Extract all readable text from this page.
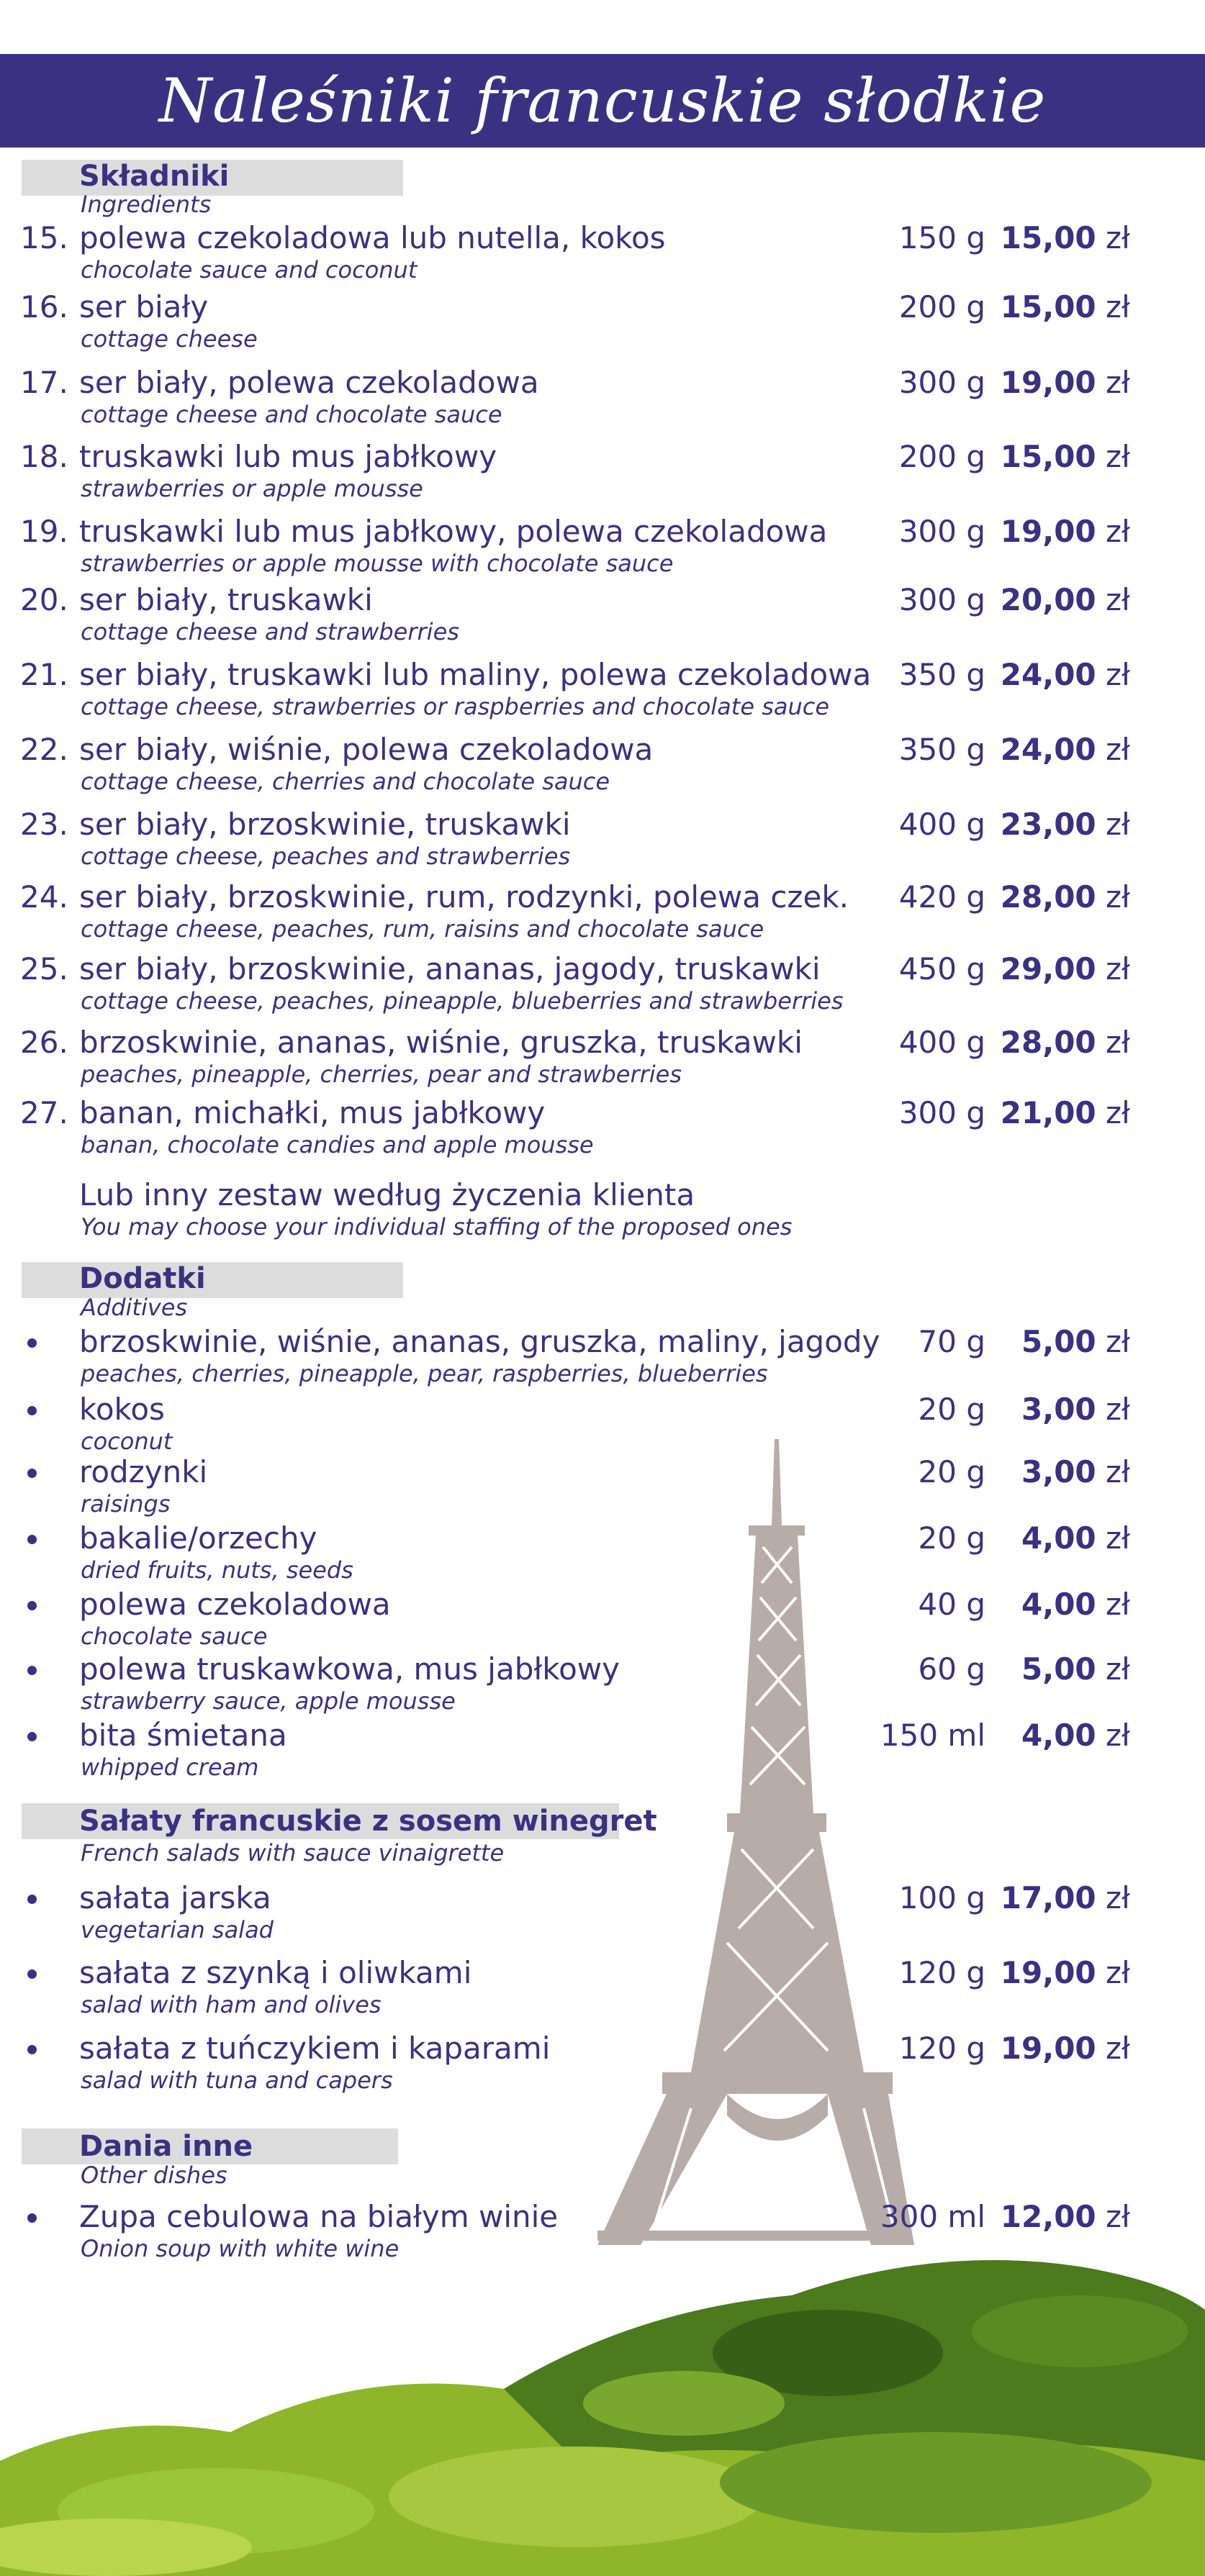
Naleśniki francuskie słodkie
Składniki
Ingredients
15. polewa czekoladowa lub nutella, kokos
chocolate sauce and coconut
150 g 15,00 zł
16. ser biały
cottage cheese
200 g 15,00 zł
17. ser biały, polewa czekoladowa
cottage cheese and chocolate sauce
300 g 19,00 zł
18. truskawki lub mus jabłkowy
strawberries or apple mousse
200 g 15,00 zł
19. truskawki lub mus jabłkowy, polewa czekoladowa
strawberries or apple mousse with chocolate sauce
300 g 19,00 zł
20. ser biały, truskawki
cottage cheese and strawberries
300 g 20,00 zł
21. ser biały, truskawki lub maliny, polewa czekoladowa
cottage cheese, strawberries or raspberries and chocolate sauce
350 g 24,00 zł
22. ser biały, wiśnie, polewa czekoladowa
cottage cheese, cherries and chocolate sauce
350 g 24,00 zł
23. ser biały, brzoskwinie, truskawki
cottage cheese, peaches and strawberries
400 g 23,00 zł
24. ser biały, brzoskwinie, rum, rodzynki, polewa czek.
cottage cheese, peaches, rum, raisins and chocolate sauce
420 g 28,00 zł
25. ser biały, brzoskwinie, ananas, jagody, truskawki
cottage cheese, peaches, pineapple, blueberries and strawberries
450 g 29,00 zł
26. brzoskwinie, ananas, wiśnie, gruszka, truskawki
peaches, pineapple, cherries, pear and strawberries
400 g 28,00 zł
27. banan, michałki, mus jabłkowy
banan, chocolate candies and apple mousse
300 g 21,00 zł
Lub inny zestaw według życzenia klienta
You may choose your individual staffing of the proposed ones
Dodatki
Additives
brzoskwinie, wiśnie, ananas, gruszka, maliny, jagody
peaches, cherries, pineapple, pear, raspberries, blueberries
70 g 5,00 zł
kokos
coconut
20 g 3,00 zł
rodzynki
raisings
20 g 3,00 zł
bakalie/orzechy
dried fruits, nuts, seeds
20 g 4,00 zł
polewa czekoladowa
chocolate sauce
40 g 4,00 zł
polewa truskawkowa, mus jabłkowy
strawberry sauce, apple mousse
60 g 5,00 zł
bita śmietana
whipped cream
150 ml 4,00 zł
Sałaty francuskie z sosem winegret
French salads with sauce vinaigrette
sałata jarska
vegetarian salad
100 g 17,00 zł
sałata z szynką i oliwkami
salad with ham and olives
120 g 19,00 zł
sałata z tuńczykiem i kaparami
salad with tuna and capers
120 g 19,00 zł
Dania inne
Other dishes
Zupa cebulowa na białym winie
Onion soup with white wine
300 ml 12,00 zł
